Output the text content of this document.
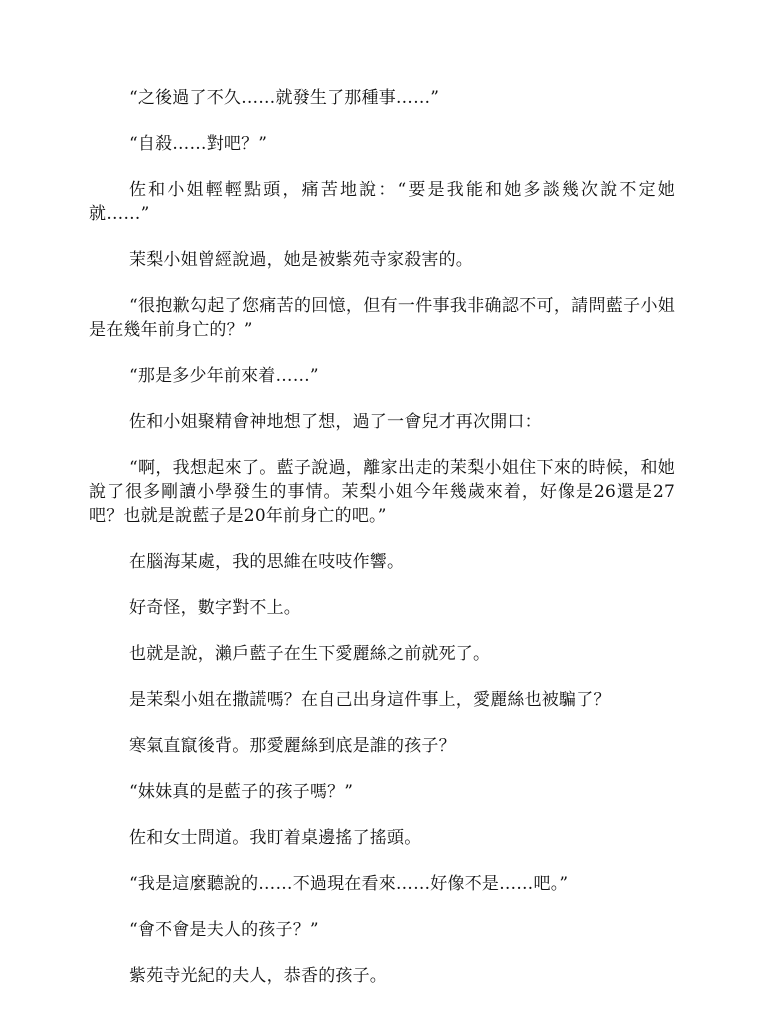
“之後過了不久……就發生了那種事……”

“自殺……對吧？”

佐和小姐輕輕點頭，痛苦地說：“要是我能和她多談幾次說不定她就……”

茉梨小姐曾經說過，她是被紫苑寺家殺害的。

“很抱歉勾起了您痛苦的回憶，但有一件事我非确認不可，請問藍子小姐是在幾年前身亡的？”

“那是多少年前來着……”

佐和小姐聚精會神地想了想，過了一會兒才再次開口：

“啊，我想起來了。藍子說過，離家出走的茉梨小姐住下來的時候，和她說了很多剛讀小學發生的事情。茉梨小姐今年幾歲來着，好像是26還是27吧？也就是說藍子是20年前身亡的吧。”

在腦海某處，我的思維在吱吱作響。

好奇怪，數字對不上。

也就是說，瀨戶藍子在生下愛麗絲之前就死了。

是茉梨小姐在撒謊嗎？在自己出身這件事上，愛麗絲也被騙了？

寒氣直竄後背。那愛麗絲到底是誰的孩子？

“妹妹真的是藍子的孩子嗎？”

佐和女士問道。我盯着桌邊搖了搖頭。

“我是這麼聽說的……不過現在看來……好像不是……吧。”

“會不會是夫人的孩子？”

紫苑寺光紀的夫人，恭香的孩子。
